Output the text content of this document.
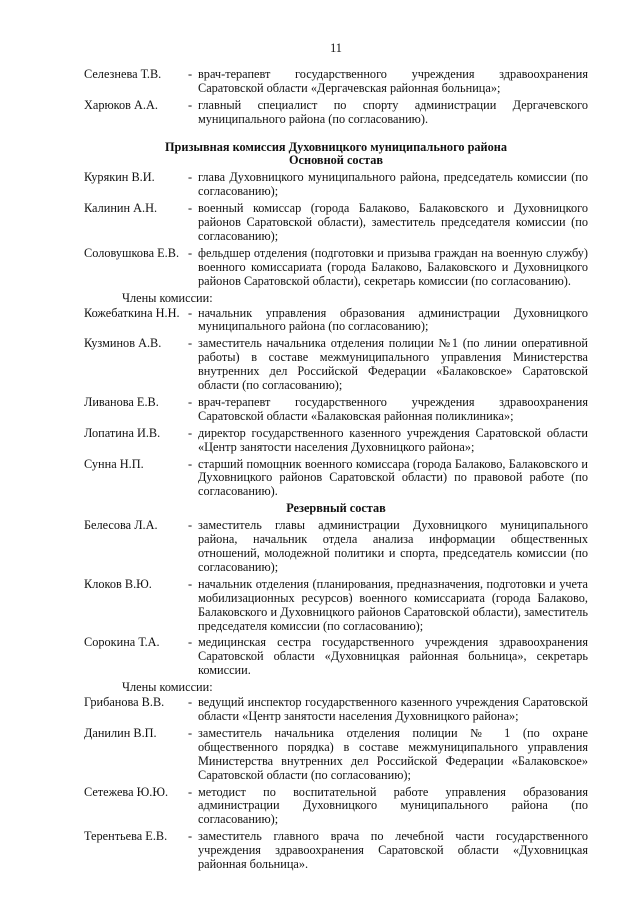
11
Селезнева Т.В.	- врач-терапевт государственного учреждения здравоохранения Саратовской области «Дергачевская районная больница»;
Харюков А.А.	- главный специалист по спорту администрации Дергачевского муниципального района (по согласованию).
Призывная комиссия Духовницкого муниципального района
Основной состав
Курякин В.И.	- глава Духовницкого муниципального района, председатель комиссии (по согласованию);
Калинин А.Н.	- военный комиссар (города Балаково, Балаковского и Духовницкого районов Саратовской области), заместитель председателя комиссии (по согласованию);
Соловушкова Е.В. - фельдшер отделения (подготовки и призыва граждан на военную службу) военного комиссариата (города Балаково, Балаковского и Духовницкого районов Саратовской области), секретарь комиссии (по согласованию).
Члены комиссии:
Кожебаткина Н.Н. - начальник управления образования администрации Духовницкого муниципального района (по согласованию);
Кузминов А.В.	- заместитель начальника отделения полиции №1 (по линии оперативной работы) в составе межмуниципального управления Министерства внутренних дел Российской Федерации «Балаковское» Саратовской области (по согласованию);
Ливанова Е.В.	- врач-терапевт государственного учреждения здравоохранения Саратовской области «Балаковская районная поликлиника»;
Лопатина И.В.	- директор государственного казенного учреждения Саратовской области «Центр занятости населения Духовницкого района»;
Сунна Н.П.	- старший помощник военного комиссара (города Балаково, Балаковского и Духовницкого районов Саратовской области) по правовой работе (по согласованию).
Резервный состав
Белесова Л.А.	- заместитель главы администрации Духовницкого муниципального района, начальник отдела анализа информации общественных отношений, молодежной политики и спорта, председатель комиссии (по согласованию);
Клоков В.Ю.	- начальник отделения (планирования, предназначения, подготовки и учета мобилизационных ресурсов) военного комиссариата (города Балаково, Балаковского и Духовницкого районов Саратовской области), заместитель председателя комиссии (по согласованию);
Сорокина Т.А.	- медицинская сестра государственного учреждения здравоохранения Саратовской области «Духовницкая районная больница», секретарь комиссии.
Члены комиссии:
Грибанова В.В.	- ведущий инспектор государственного казенного учреждения Саратовской области «Центр занятости населения Духовницкого района»;
Данилин В.П.	- заместитель начальника отделения полиции № 1 (по охране общественного порядка) в составе межмуниципального управления Министерства внутренних дел Российской Федерации «Балаковское» Саратовской области (по согласованию);
Сетежева Ю.Ю.	- методист по воспитательной работе управления образования администрации Духовницкого муниципального района (по согласованию);
Терентьева Е.В.	- заместитель главного врача по лечебной части государственного учреждения здравоохранения Саратовской области «Духовницкая районная больница».
